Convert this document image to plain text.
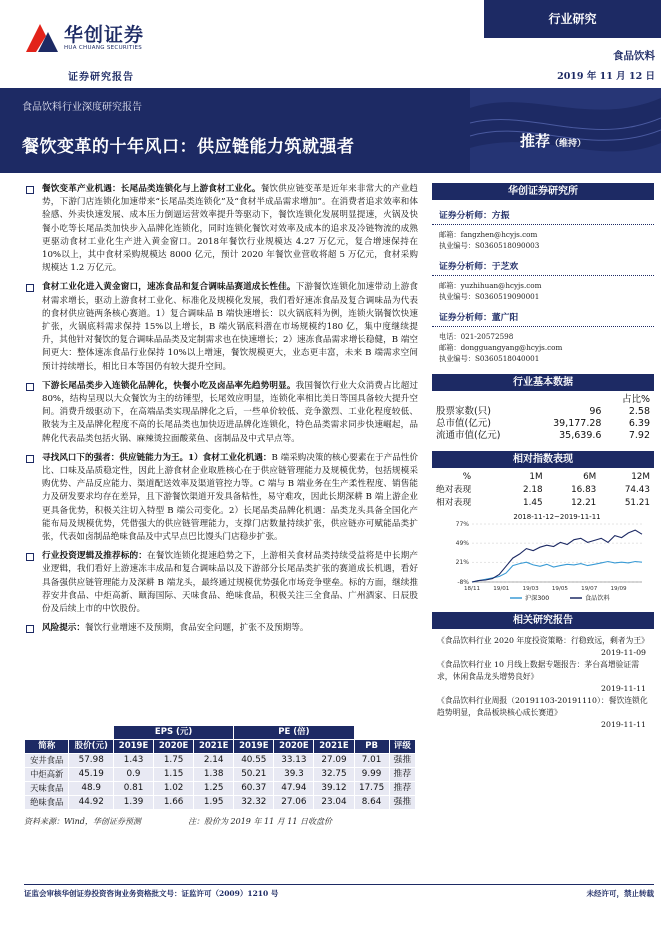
华创证券
HUA CHUANG SECURITIES
证券研究报告
行业研究
食品饮料
2019 年 11 月 12 日
食品饮料行业深度研究报告
餐饮变革的十年风口：供应链能力筑就强者	推荐（维持）
餐饮变革产业机遇：长尾品类连锁化与上游食材工业化。餐饮供应链变革是近年来非常大的产业趋势，下游门店连锁化加速带来“长尾品类连锁化”及“食材半成品需求增加”。在消费者追求效率和体验感、外卖快速发展、成本压力倒逼运营效率提升等驱动下，餐饮连锁化发展明显提速，火锅及快餐小吃等长尾品类加快步入品牌化连锁化，同时连锁化餐饮对效率及成本的追求及冷链物流的成熟更驱动食材工业化生产进入黄金窗口。2018年餐饮行业规模达 4.27 万亿元，复合增速保持在 10%以上，其中食材采购规模达 8000 亿元，预计 2020 年餐饮业营收将超 5 万亿元，食材采购规模达 1.2 万亿元。
食材工业化进入黄金窗口，速冻食品和复合调味品赛道成长性佳。下游餐饮连锁化加速带动上游食材需求增长，驱动上游食材工业化、标准化及规模化发展，我们看好速冻食品及复合调味品为代表的食材供应链两条核心赛道。1）复合调味品 B 端快速增长：以火锅底料为例，连锁火锅餐饮快速扩张，火锅底料需求保持 15%以上增长，B 端火锅底料潜在市场规模约180 亿，集中度继续提升，其他针对餐饮的复合调味品品类及定制需求也在快速增长；2）速冻食品需求增长稳健，B 端空间更大：整体速冻食品行业保持 10%以上增速，餐饮规模更大，业态更丰富，未来 B 端需求空间预计持续增长，相比日本等国仍有较大提升空间。
下游长尾品类步入连锁化品牌化，快餐小吃及卤品率先趋势明显。我国餐饮行业大众消费占比超过 80%，结构呈现以大众餐饮为主的纺锤型，长尾效应明显，连锁化率相比美日等国具备较大提升空间。消费升级驱动下，在高端品类实现品牌化之后，一些单价较低、竞争激烈、工业化程度较低、散装为主及品牌化程度不高的长尾品类也加快迈进品牌化连锁化，特色品类需求同步快速崛起，品牌化代表品类包括火锅、麻辣烫拉面酸菜鱼、卤制品及中式早点等。
寻找风口下的强者：供应链能力为王。1）食材工业化机遇：B 端采购决策的核心要素在于产品性价比、口味及品质稳定性，因此上游食材企业取胜核心在于供应链管理能力及规模优势，包括规模采购优势、产品反应能力、渠道配送效率及渠道管控力等。C 端与 B 端业务在生产柔性程度、销售能力及研发要求均存在差异，且下游餐饮渠道开发具备粘性，易守难攻，因此长期深耕 B 端上游企业更具备优势，积极关注切入特型 B 端公司变化。2）长尾品类品牌化机遇：品类龙头具备全国化产能布局及规模优势，凭借强大的供应链管理能力，支撑门店数量持续扩张，供应链亦可赋能品类扩张，代表如卤制品绝味食品及中式早点巴比馒头门店稳步扩张。
行业投资逻辑及推荐标的：在餐饮连锁化提速趋势之下，上游相关食材品类持续受益将是中长期产业逻辑，我们看好上游速冻丰成品和复合调味品以及下游部分长尾品类扩张的赛道成长机遇，看好具备强供应链管理能力及深耕 B 端龙头，最终通过规模优势强化市场竞争壁垒。标的方面，继续推荐安井食品、中炬高新、颐海国际、天味食品、绝味食品，积极关注三全食品、广州酒家、日辰股份及后续上市的中饮股份。
风险提示：餐饮行业增速不及预期，食品安全问题，扩张不及预期等。
华创证券研究所
证券分析师：方振
邮箱：fangzhen@hcyjs.com
执业编号：S0360518090003
证券分析师：于芝欢
邮箱：yuzhihuan@hcyjs.com
执业编号：S0360519090001
证券分析师：董广阳
电话：021-20572598
邮箱：dongguangyang@hcyjs.com
执业编号：S0360518040001
行业基本数据
		占比%
股票家数(只)	96	2.58
总市值(亿元)	39,177.28	6.39
流通市值(亿元)	35,639.6	7.92
相对指数表现
%	1M	6M	12M
绝对表现	2.18	16.83	74.43
相对表现	1.45	12.21	51.21
2018-11-12~2019-11-11
77%
49%
21%
-8%
18/11 19/01 19/03 19/05 19/07 19/09
沪深300	食品饮料
相关研究报告
《食品饮料行业 2020 年度投资策略：行稳致远，剩者为王》
2019-11-09
《食品饮料行业 10 月线上数据专题报告：茅台高增验证需求，休闲食品龙头增势良好》
2019-11-11
《食品饮料行业周报（20191103-20191110）：餐饮连锁化趋势明显，食品板块核心成长赛道》
2019-11-11
		EPS (元)			PE (倍)				
简称	股价(元)	2019E	2020E	2021E	2019E	2020E	2021E	PB	评级
安井食品	57.98	1.43	1.75	2.14	40.55	33.13	27.09	7.01	强推
中炬高新	45.19	0.9	1.15	1.38	50.21	39.3	32.75	9.99	推荐
天味食品	48.9	0.81	1.02	1.25	60.37	47.94	39.12	17.75	推荐
绝味食品	44.92	1.39	1.66	1.95	32.32	27.06	23.04	8.64	强推
资料来源：Wind，华创证券预测	注：股价为 2019 年 11 月 11 日收盘价
证监会审核华创证券投资咨询业务资格批文号：证监许可（2009）1210 号	未经许可，禁止转载
